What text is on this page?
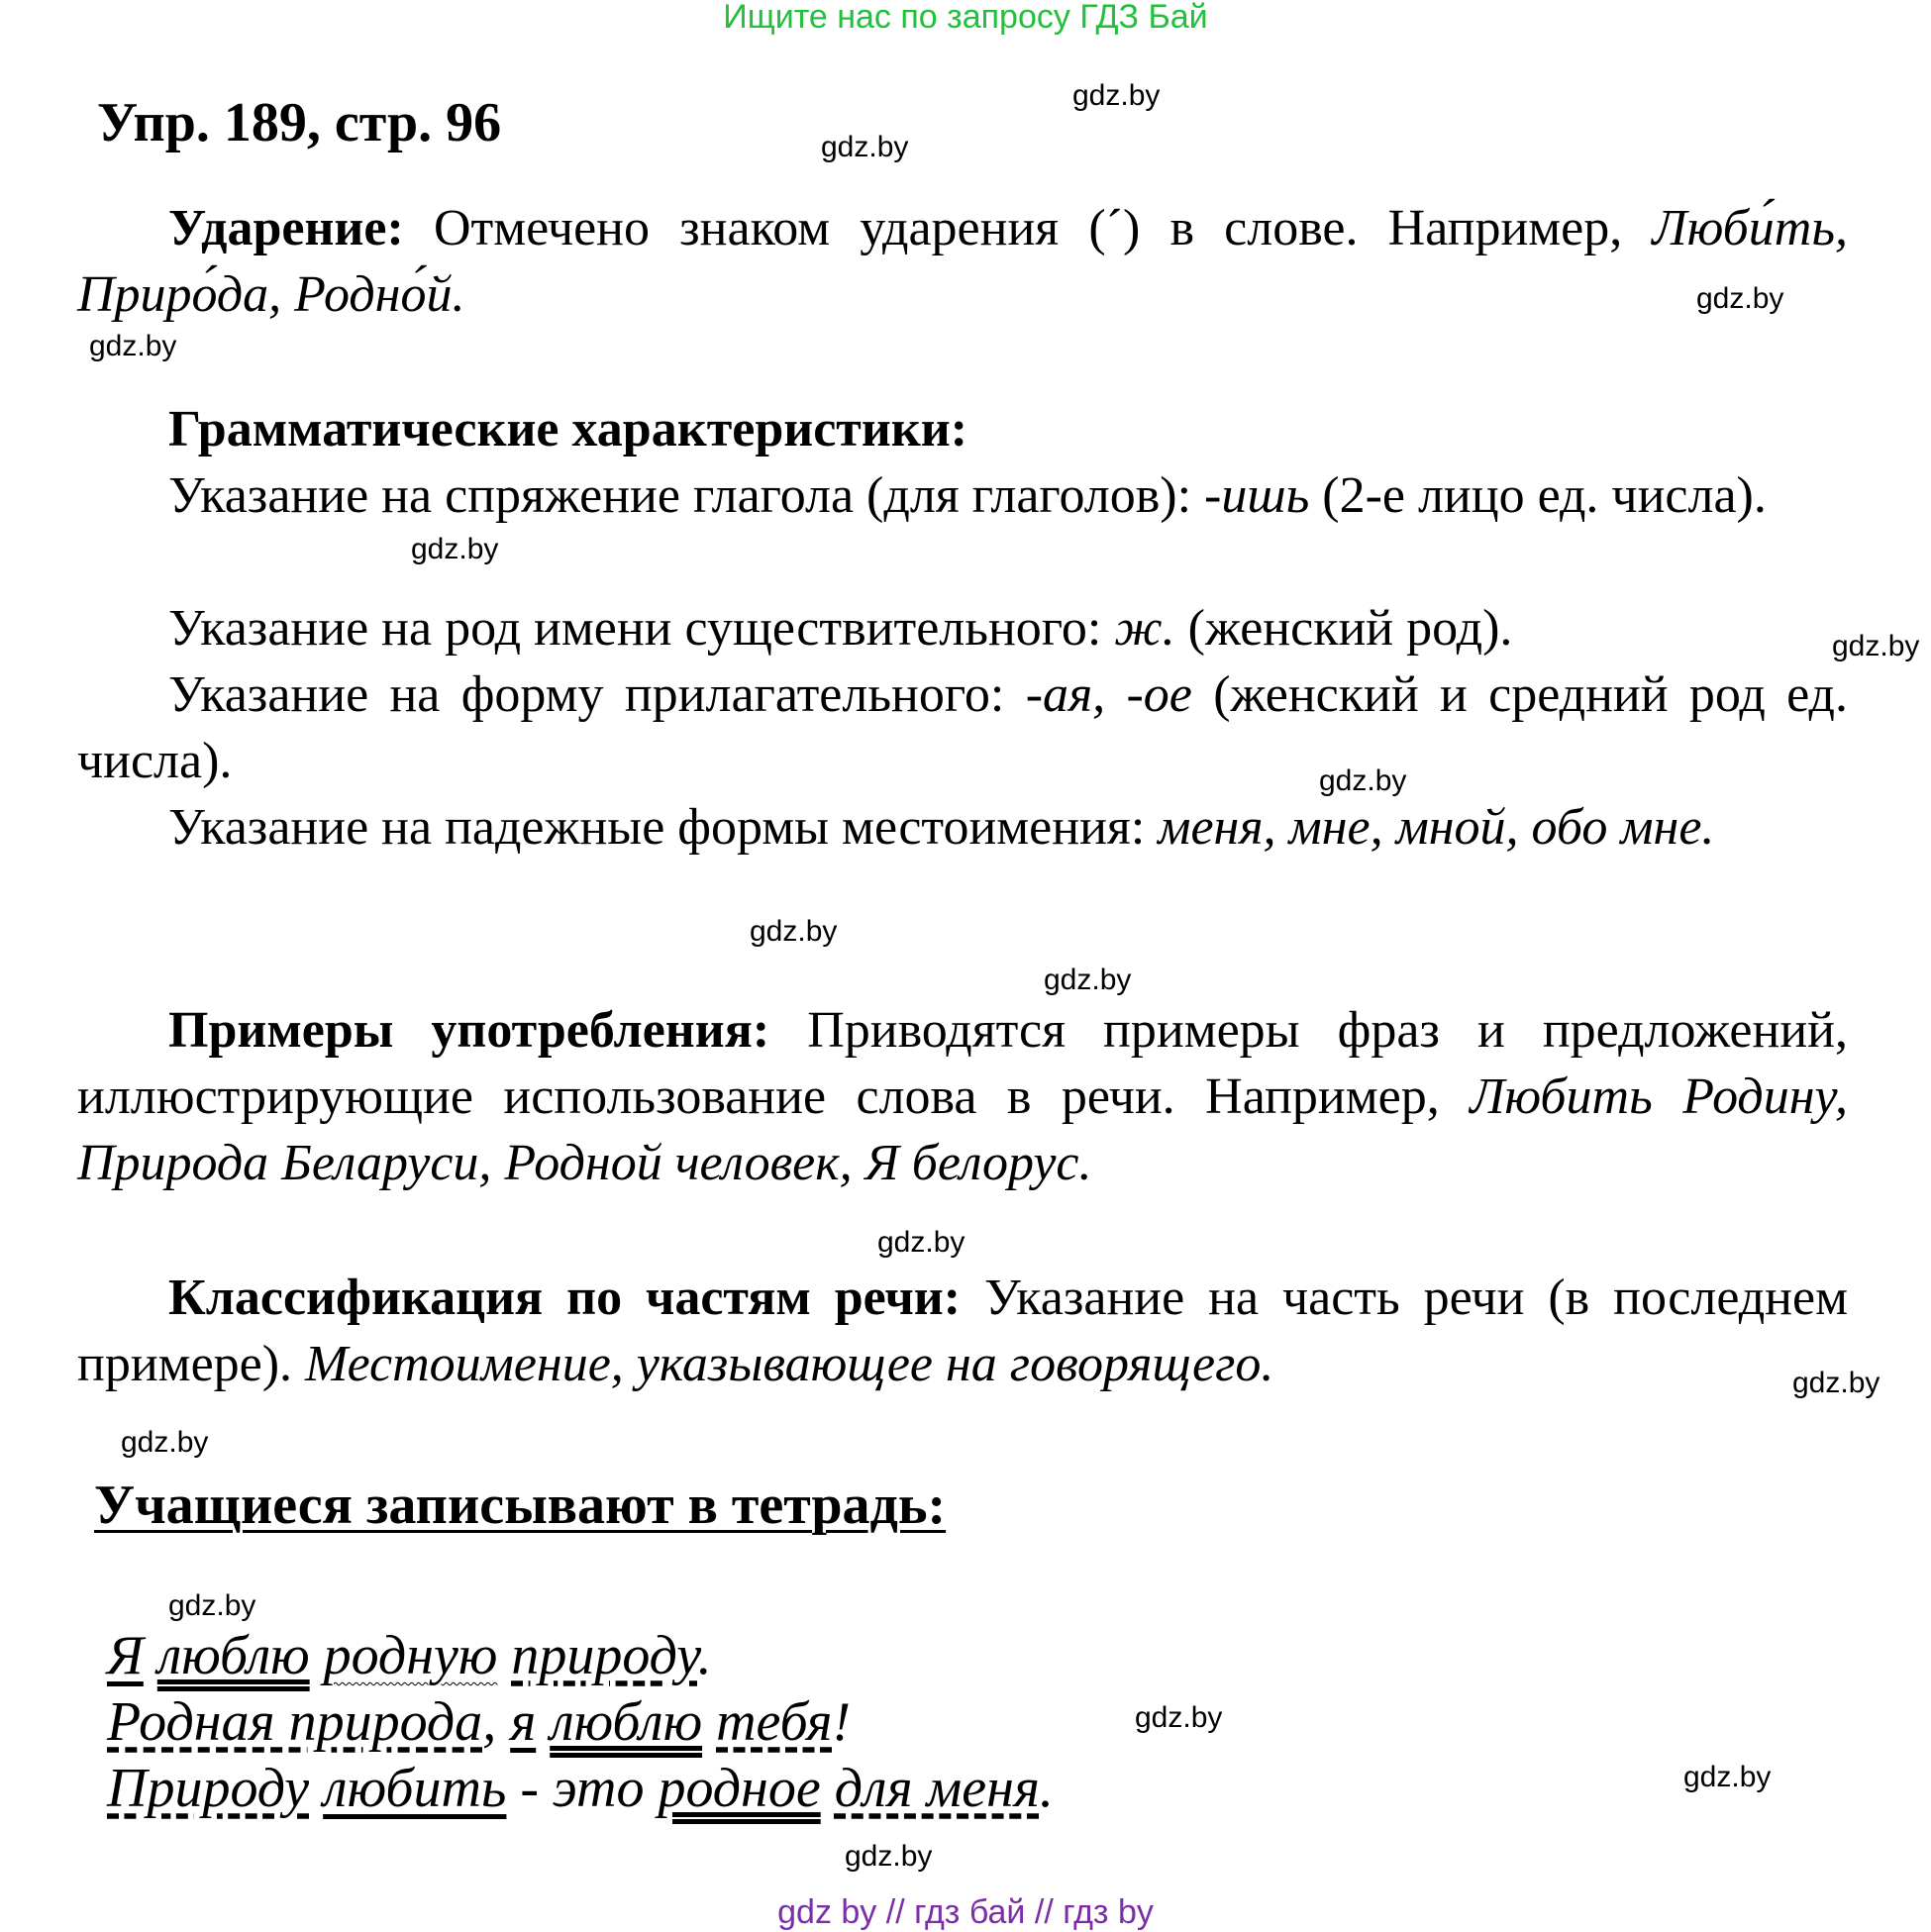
Ищите нас по запросу ГДЗ Бай
Упр. 189, стр. 96	gdz.by
gdz.by
gdz.by
gdz.by
gdz.by
gdz.by
gdz.by
gdz.by
gdz.by
gdz.by
gdz.by
gdz.by
gdz.by
gdz.by
gdz.by
gdz.by
Ударение: Отмечено знаком ударения (´) в слове. Например, Люби́ть, Приро́да, Родно́й.
Грамматические характеристики:
Указание на спряжение глагола (для глаголов): -ишь (2-е лицо ед. числа).
Указание на род имени существительного: ж. (женский род).
Указание на форму прилагательного: -ая, -ое (женский и средний род ед. числа).
Указание на падежные формы местоимения: меня, мне, мной, обо мне.
Примеры употребления: Приводятся примеры фраз и предложений, иллюстрирующие использование слова в речи. Например, Любить Родину, Природа Беларуси, Родной человек, Я белорус.
Классификация по частям речи: Указание на часть речи (в последнем примере). Местоимение, указывающее на говорящего.
Учащиеся записывают в тетрадь:
Я люблю родную природу.
Родная природа, я люблю тебя!
Природу любить - это родное для меня.
gdz by // гдз бай // гдз by
